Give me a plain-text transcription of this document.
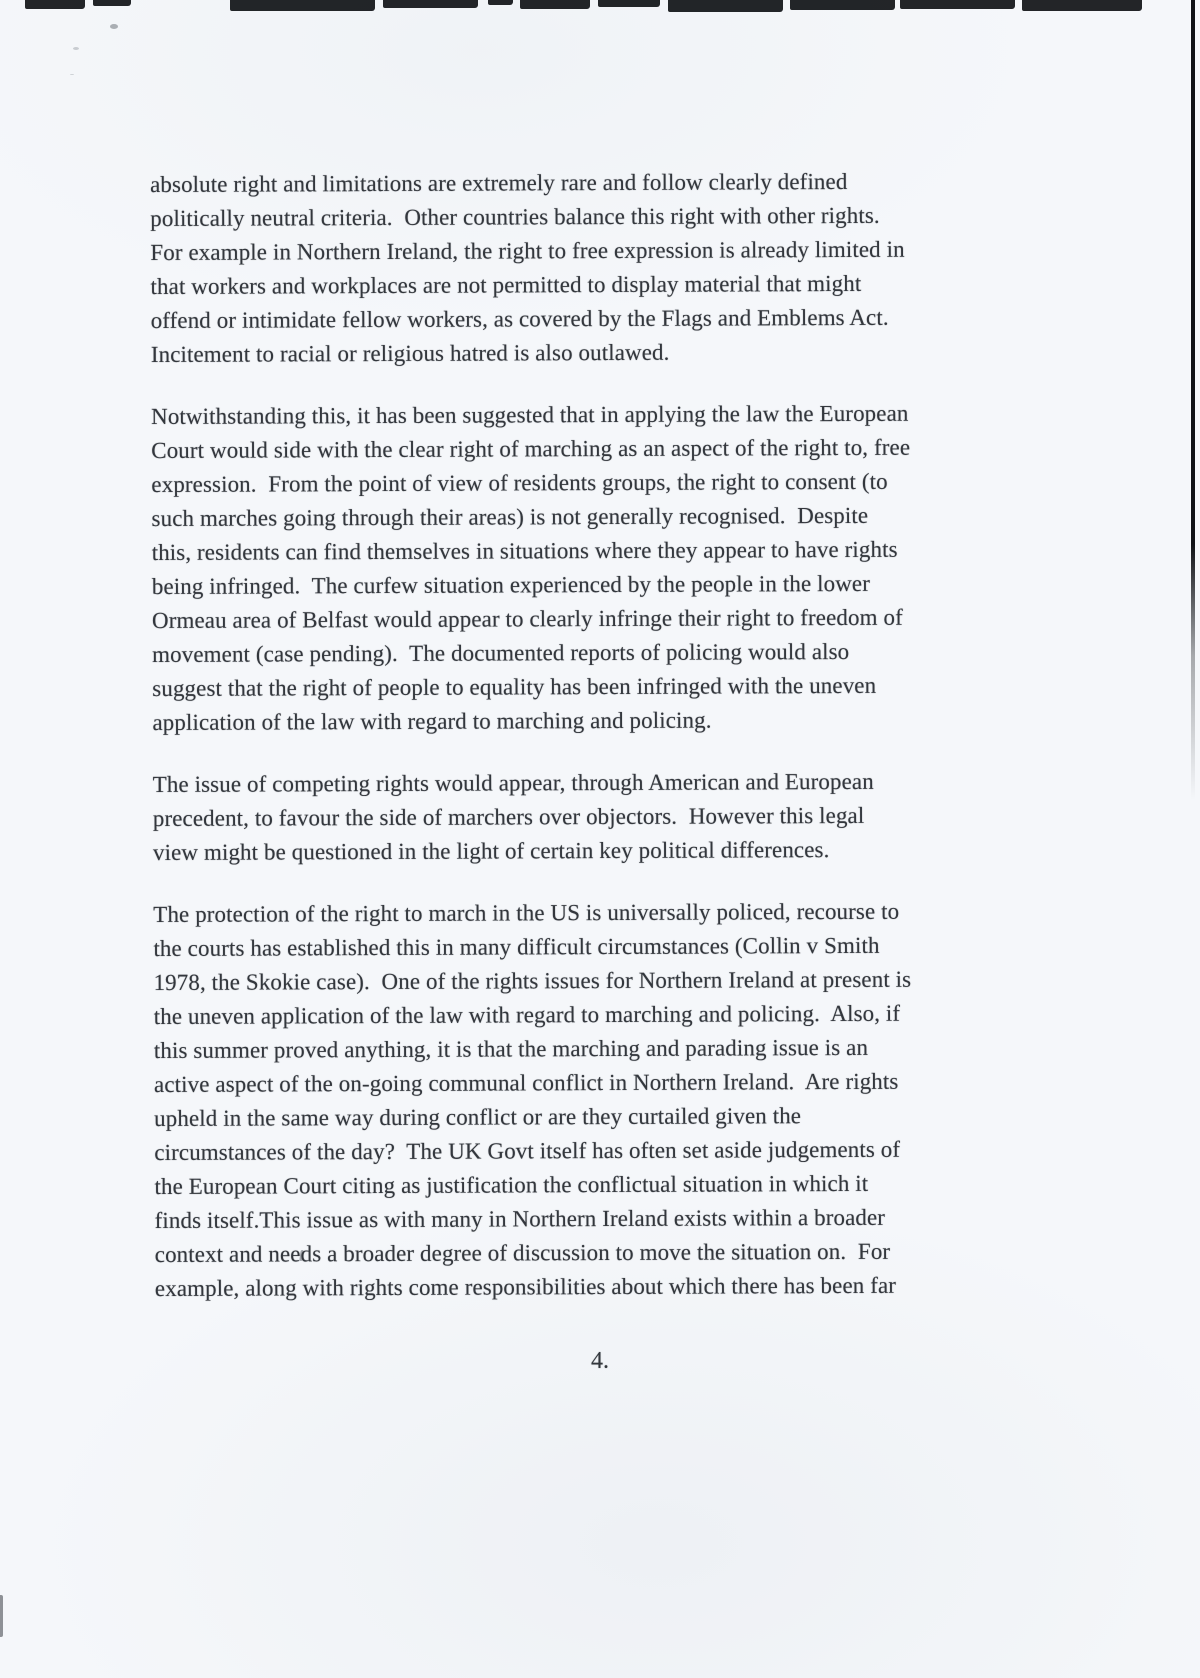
absolute right and limitations are extremely rare and follow clearly defined
politically neutral criteria.  Other countries balance this right with other rights.
For example in Northern Ireland, the right to free expression is already limited in
that workers and workplaces are not permitted to display material that might
offend or intimidate fellow workers, as covered by the Flags and Emblems Act.
Incitement to racial or religious hatred is also outlawed.

Notwithstanding this, it has been suggested that in applying the law the European
Court would side with the clear right of marching as an aspect of the right to, free
expression.  From the point of view of residents groups, the right to consent (to
such marches going through their areas) is not generally recognised.  Despite
this, residents can find themselves in situations where they appear to have rights
being infringed.  The curfew situation experienced by the people in the lower
Ormeau area of Belfast would appear to clearly infringe their right to freedom of
movement (case pending).  The documented reports of policing would also
suggest that the right of people to equality has been infringed with the uneven
application of the law with regard to marching and policing.

The issue of competing rights would appear, through American and European
precedent, to favour the side of marchers over objectors.  However this legal
view might be questioned in the light of certain key political differences.

The protection of the right to march in the US is universally policed, recourse to
the courts has established this in many difficult circumstances (Collin v Smith
1978, the Skokie case).  One of the rights issues for Northern Ireland at present is
the uneven application of the law with regard to marching and policing.  Also, if
this summer proved anything, it is that the marching and parading issue is an
active aspect of the on-going communal conflict in Northern Ireland.  Are rights
upheld in the same way during conflict or are they curtailed given the
circumstances of the day?  The UK Govt itself has often set aside judgements of
the European Court citing as justification the conflictual situation in which it
finds itself.This issue as with many in Northern Ireland exists within a broader
context and needs a broader degree of discussion to move the situation on.  For
example, along with rights come responsibilities about which there has been far

4.
